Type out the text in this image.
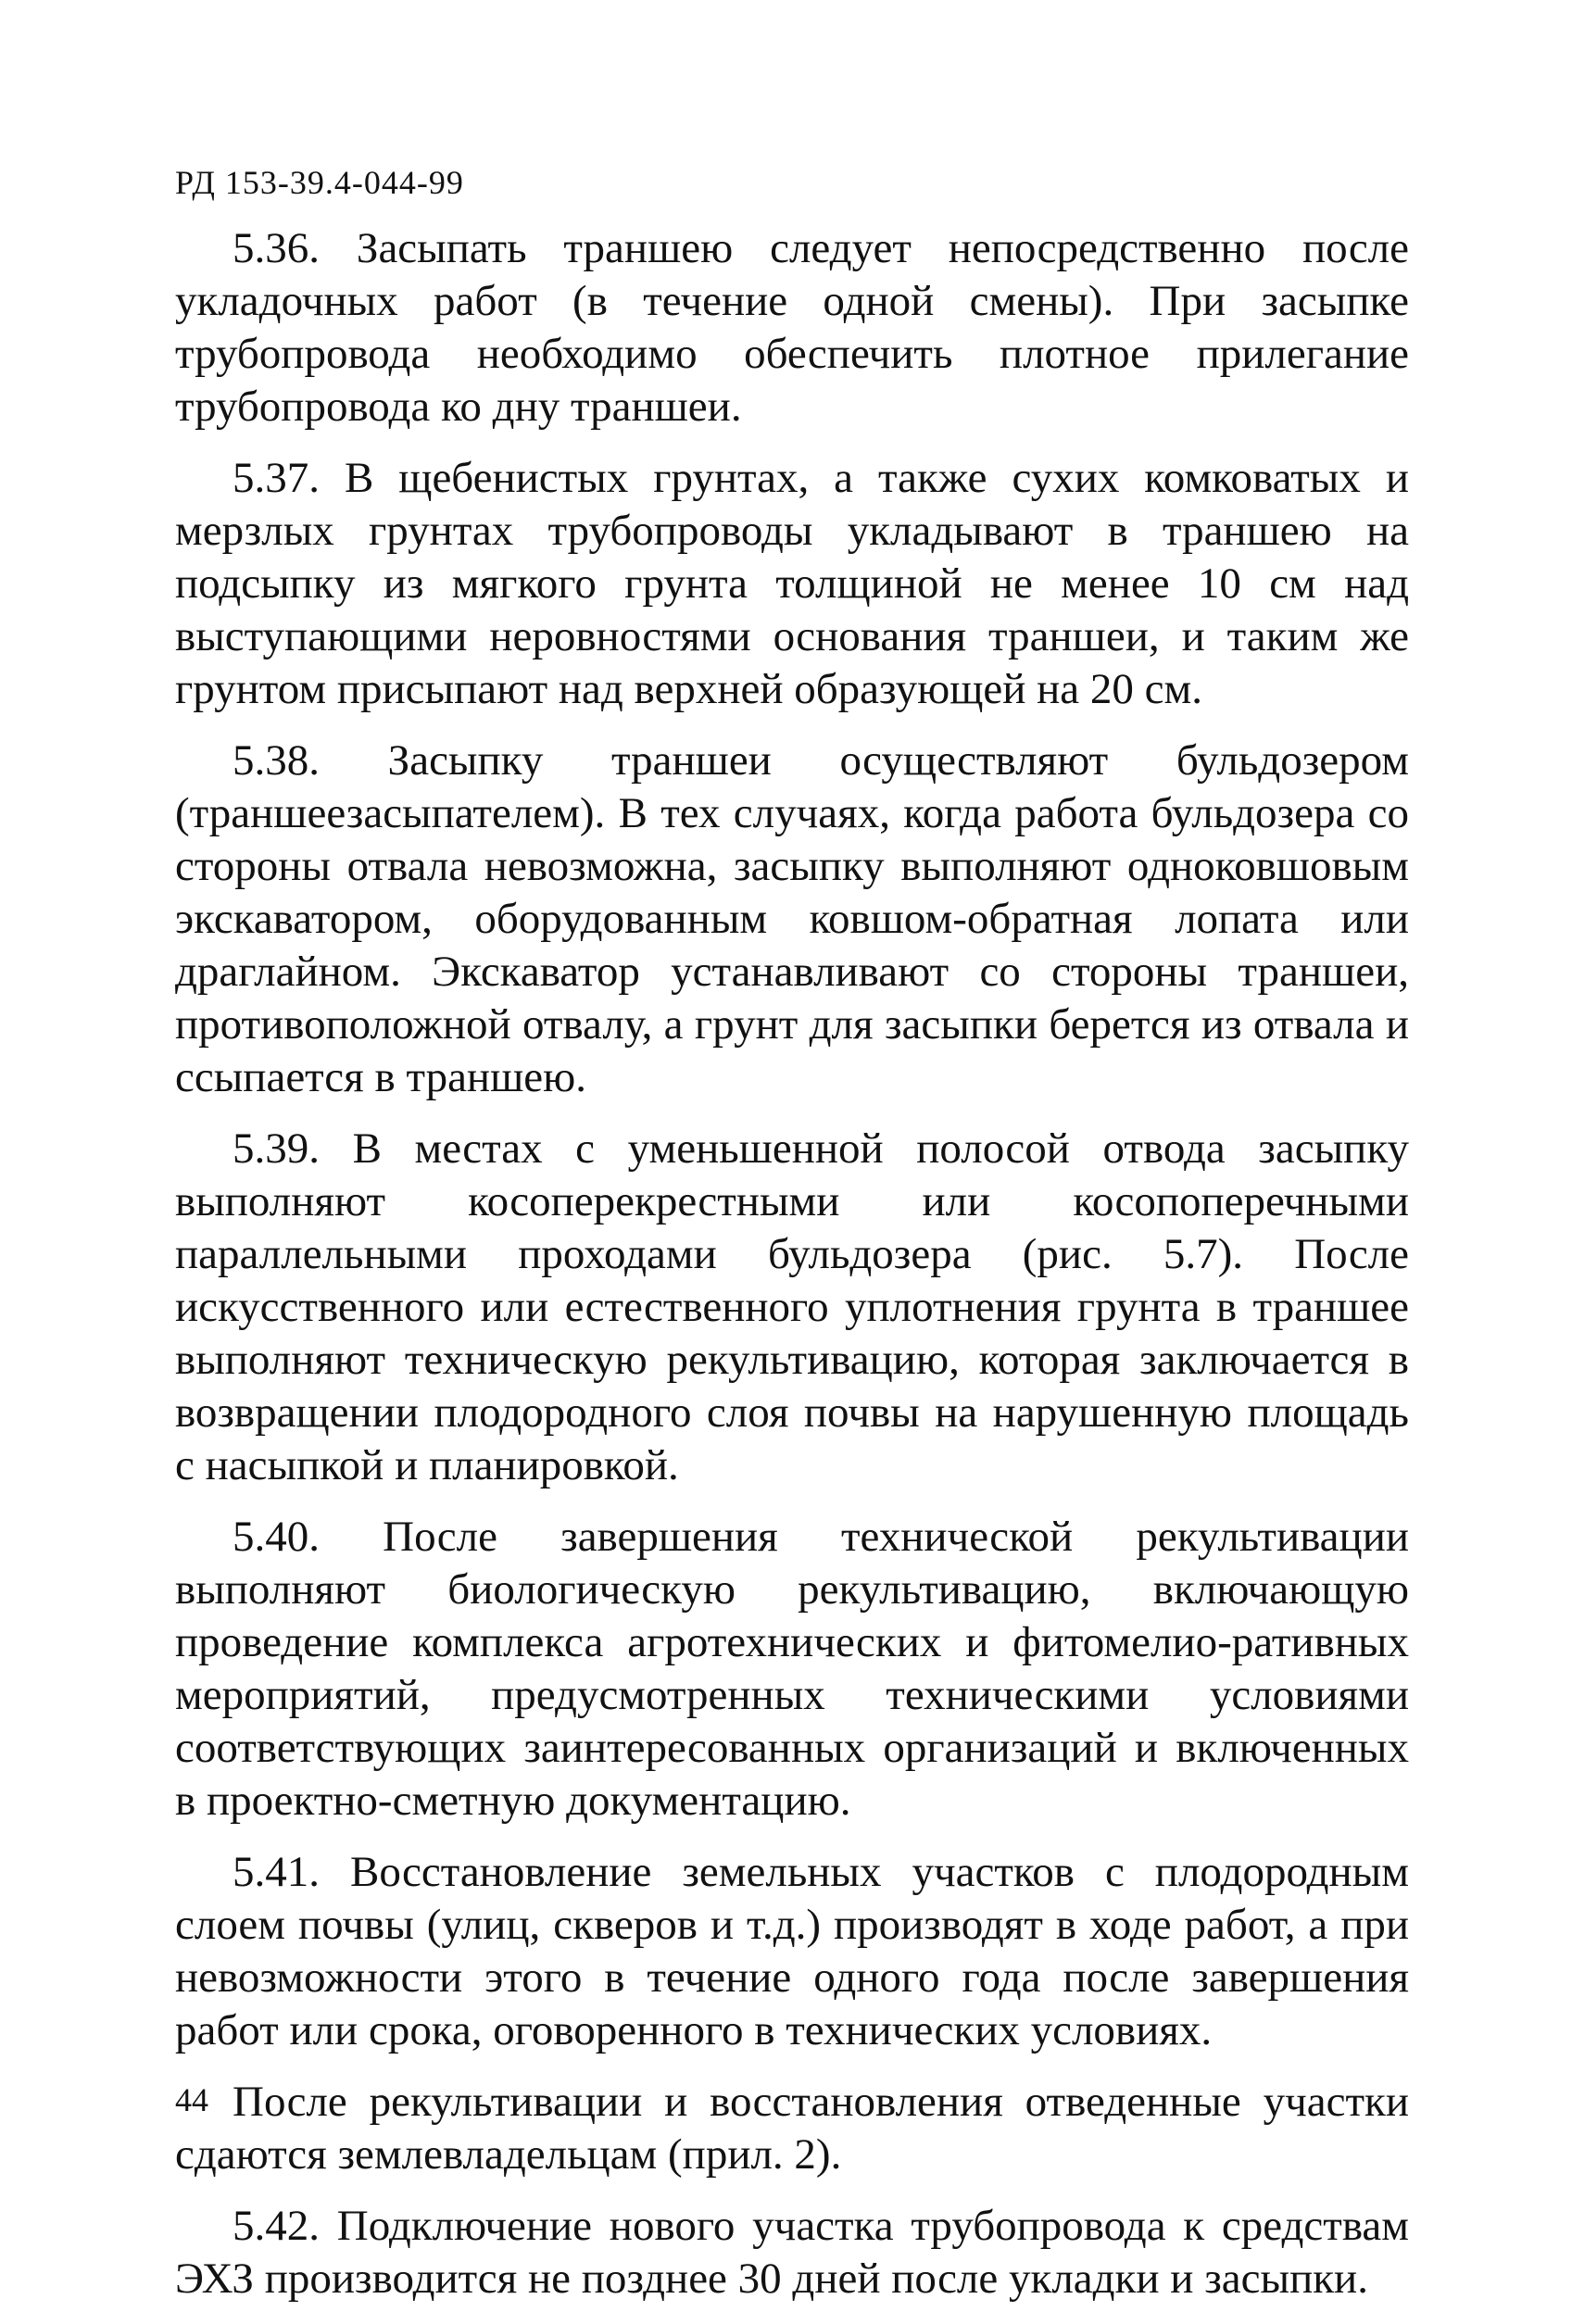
РД 153-39.4-044-99

5.36. Засыпать траншею следует непосредственно после укладочных работ (в течение одной смены). При засыпке трубопровода необходимо обеспечить плотное прилегание трубопровода ко дну траншеи.

5.37. В щебенистых грунтах, а также сухих комковатых и мерзлых грунтах трубопроводы укладывают в траншею на подсыпку из мягкого грунта толщиной не менее 10 см над выступающими неровностями основания траншеи, и таким же грунтом присыпают над верхней образующей на 20 см.

5.38. Засыпку траншеи осуществляют бульдозером (траншеезасыпателем). В тех случаях, когда работа бульдозера со стороны отвала невозможна, засыпку выполняют одноковшовым экскаватором, оборудованным ковшом-обратная лопата или драглайном. Экскаватор устанавливают со стороны траншеи, противоположной отвалу, а грунт для засыпки берется из отвала и ссыпается в траншею.

5.39. В местах с уменьшенной полосой отвода засыпку выполняют косоперекрестными или косопоперечными параллельными проходами бульдозера (рис. 5.7). После искусственного или естественного уплотнения грунта в траншее выполняют техническую рекультивацию, которая заключается в возвращении плодородного слоя почвы на нарушенную площадь с насыпкой и планировкой.

5.40. После завершения технической рекультивации выполняют биологическую рекультивацию, включающую проведение комплекса агротехнических и фитомелио-ративных мероприятий, предусмотренных техническими условиями соответствующих заинтересованных организаций и включенных в проектно-сметную документацию.

5.41. Восстановление земельных участков с плодородным слоем почвы (улиц, скверов и т.д.) производят в ходе работ, а при невозможности этого в течение одного года после завершения работ или срока, оговоренного в технических условиях.

После рекультивации и восстановления отведенные участки сдаются землевладельцам (прил. 2).

5.42. Подключение нового участка трубопровода к средствам ЭХЗ производится не позднее 30 дней после укладки и засыпки.

44
